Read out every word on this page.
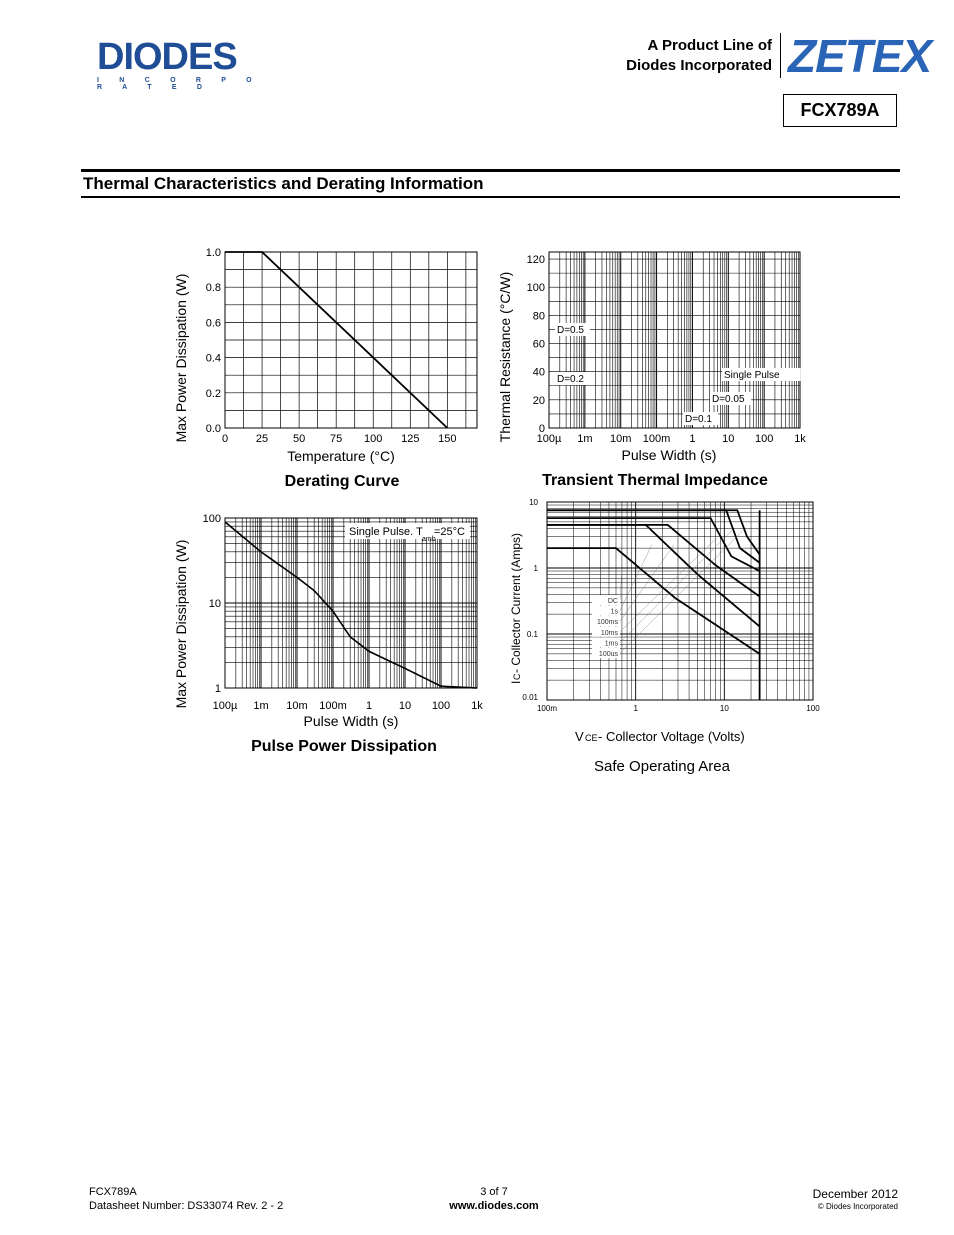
DIODES
I N C O R P O R A T E D
A Product Line of
Diodes Incorporated ZETEX
FCX789A
Thermal Characteristics and Derating Information
0	25 50 75 100 125 150
0.0
0.2
0.4
0.6
0.8
1.0
Temperature (°C)
Max Power Dissipation (W)
Derating Curve
100µ 1m 10m 100m 1 10 100 1k
0
20
40
60
80
100
120
D=0.5
D=0.2
D=0.1
D=0.05
Single Pulse
Pulse Width (s)
Thermal Resistance (°C/W)
Transient Thermal Impedance
100µ 1m 10m 100m 1 10 100 1k
1
10
100
Single Pulse. T
amb
=25°C
Pulse Width (s)
Max Power Dissipation (W)
Pulse Power Dissipation
100m	1	10	100
0.01
0.1
1
10
DC
1s
100ms
10ms
1ms
100us
V CE - Collector Voltage (Volts)
I
C
- Collector Current (Amps)
Safe Operating Area
FCX789A
Datasheet Number: DS33074 Rev. 2 - 2
3 of 7
www.diodes.com
December 2012
© Diodes Incorporated
